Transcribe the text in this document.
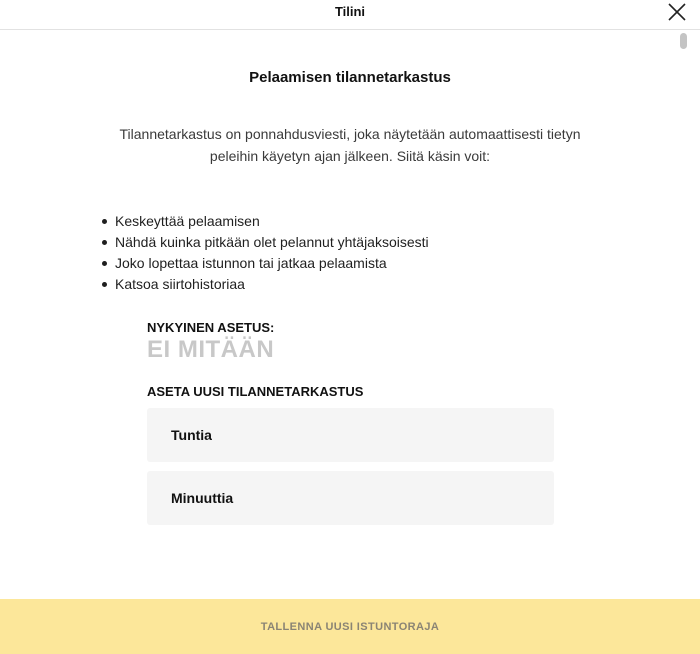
Tilini
Pelaamisen tilannetarkastus

Tilannetarkastus on ponnahdusviesti, joka näytetään automaattisesti tietyn peleihin käyetyn ajan jälkeen. Siitä käsin voit:

Keskeyttää pelaamisen
Nähdä kuinka pitkään olet pelannut yhtäjaksoisesti
Joko lopettaa istunnon tai jatkaa pelaamista
Katsoa siirtohistoriaa
NYKYINEN ASETUS:
EI MITÄÄN
ASETA UUSI TILANNETARKASTUS
Tuntia
Minuuttia
TALLENNA UUSI ISTUNTORAJA
